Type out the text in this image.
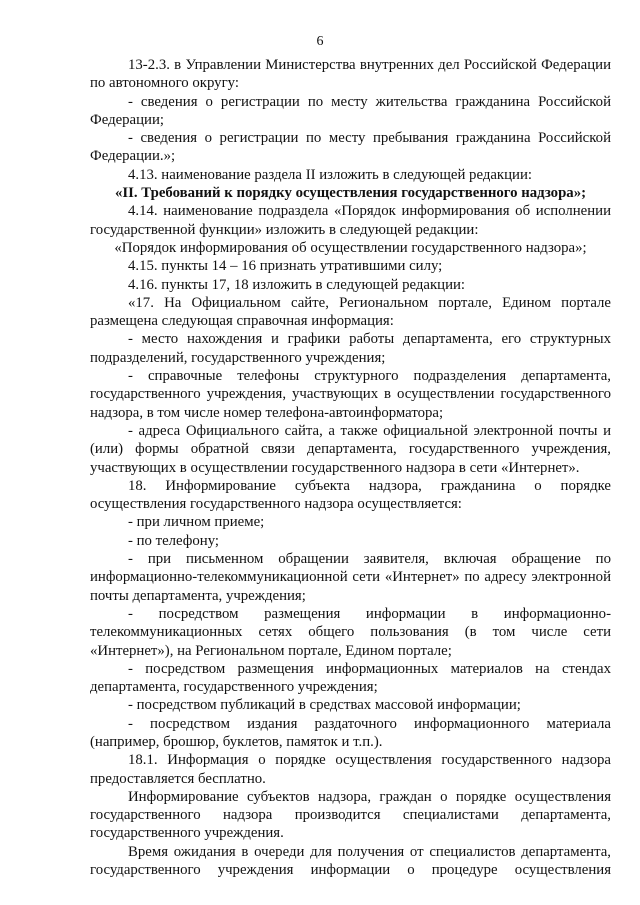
6

13-2.3. в Управлении Министерства внутренних дел Российской Федерации по автономного округу:

- сведения о регистрации по месту жительства гражданина Российской Федерации;

- сведения о регистрации по месту пребывания гражданина Российской Федерации.»;

4.13. наименование раздела II изложить в следующей редакции:

«II. Требований к порядку осуществления государственного надзора»;

4.14. наименование подраздела «Порядок информирования об исполнении государственной функции» изложить в следующей редакции:

«Порядок информирования об осуществлении государственного надзора»;

4.15. пункты 14 – 16 признать утратившими силу;

4.16. пункты 17, 18 изложить в следующей редакции:

«17. На Официальном сайте, Региональном портале, Едином портале размещена следующая справочная информация:

- место нахождения и графики работы департамента, его структурных подразделений, государственного учреждения;

- справочные телефоны структурного подразделения департамента, государственного учреждения, участвующих в осуществлении государственного надзора, в том числе номер телефона-автоинформатора;

- адреса Официального сайта, а также официальной электронной почты и (или) формы обратной связи департамента, государственного учреждения, участвующих в осуществлении государственного надзора в сети «Интернет».

18. Информирование субъекта надзора, гражданина о порядке осуществления государственного надзора осуществляется:

- при личном приеме;

- по телефону;

- при письменном обращении заявителя, включая обращение по информационно-телекоммуникационной сети «Интернет» по адресу электронной почты департамента, учреждения;

- посредством размещения информации в информационно-телекоммуникационных сетях общего пользования (в том числе сети «Интернет»), на Региональном портале, Едином портале;

- посредством размещения информационных материалов на стендах департамента, государственного учреждения;

- посредством публикаций в средствах массовой информации;

- посредством издания раздаточного информационного материала (например, брошюр, буклетов, памяток и т.п.).

18.1. Информация о порядке осуществления государственного надзора предоставляется бесплатно.

Информирование субъектов надзора, граждан о порядке осуществления государственного надзора производится специалистами департамента, государственного учреждения.

Время ожидания в очереди для получения от специалистов департамента, государственного учреждения информации о процедуре осуществления
